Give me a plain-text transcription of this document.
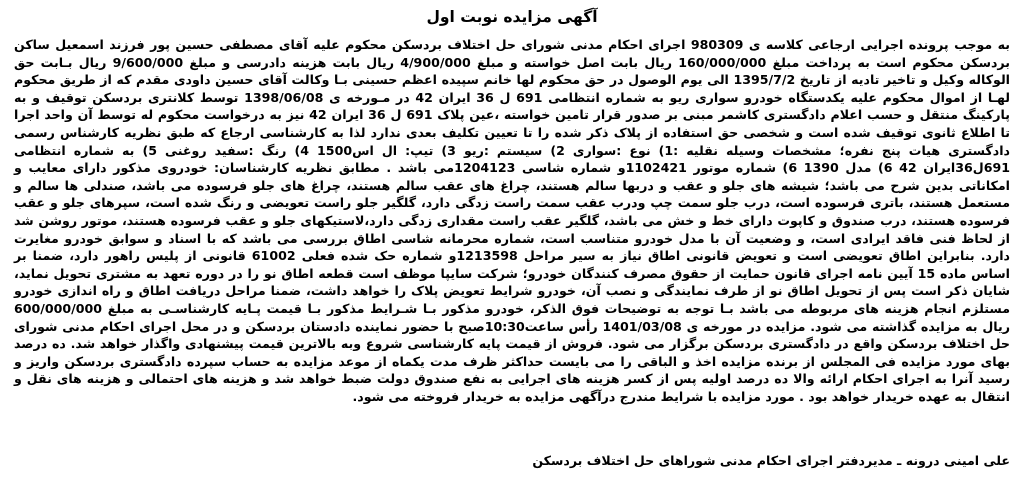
آگهی مزایده نوبت اول

به موجب پرونده اجرایی ارجاعی کلاسه ی 980309 اجرای احکام مدنی شورای حل اختلاف بردسکن محکوم علیه آقای مصطفی حسین پور فرزند اسمعیل ساکن بردسکن محکوم است به پرداخت مبلغ 160/000/000 ریال بابت اصل خواسته و مبلغ 4/900/000 ریال بابت هزینه دادرسی و مبلغ 9/600/000 ریال بـابت حق الوکاله وکیل و تاخیر تادیه از تاریخ 1395/7/2 الی یوم الوصول در حق محکوم لها خانم سپیده اعظم حسینی بـا وکالت آقای حسین داودی مقدم که از طریق محکوم لهـا از اموال محکوم علیه یکدستگاه خودرو سواری ریو به شماره انتظامی 691 ل 36 ایران 42 در مـورخه ی 1398/06/08 توسط کلانتری بردسکن توقیف و به پارکینگ منتقل و حسب اعلام دادگستری کاشمر مبنی بر صدور قرار تامین خواسته ،عین پلاک 691 ل 36 ایران 42 نیز به درخواست محکوم له توسط آن واحد اجرا تا اطلاع ثانوی توقیف شده است و شخصی حق استفاده از پلاک ذکر شده را تا تعیین تکلیف بعدی ندارد لذا به کارشناسی ارجاع که طبق نظریه کارشناس رسمی دادگستری هیات پنج نفره؛ مشخصات وسیله نقلیه :1) نوع :سواری 2) سیستم :ریو 3) تیپ: ال اس1500 4) رنگ :سفید روغنی 5) به شماره انتظامی 691ل36ایران 42 6) مدل 1390 6) شماره موتور 1102421و شماره شاسی 1204123می باشد . مطابق نظریه کارشناسان: خودروی مذکور دارای معایب و امکاناتی بدین شرح می باشد؛ شیشه های جلو و عقب و دربها سالم هستند، چراغ های عقب سالم هستند، چراغ های جلو فرسوده می باشد، صندلی ها سالم و مستعمل هستند، باتری فرسوده است، درب جلو سمت چپ ودرب عقب سمت راست زدگی دارد، گلگیر جلو راست تعویضی و رنگ شده است، سپرهای جلو و عقب فرسوده هستند، درب صندوق و کاپوت دارای خط و خش می باشد، گلگیر عقب راست مقداری زدگی دارد،لاستیکهای جلو و عقب فرسوده هستند، موتور روشن شد از لحاظ فنی فاقد ایرادی است، و وضعیت آن با مدل خودرو متناسب است، شماره محرمانه شاسی اطاق بررسی می باشد که با اسناد و سوابق خودرو مغایرت دارد. بنابراین اطاق تعویضی است و تعویض قانونی اطاق نیاز به سیر مراحل 1213598و شماره حک شده فعلی 61002 قانونی از پلیس راهور دارد، ضمنا بر اساس ماده 15 آیین نامه اجرای قانون حمایت از حقوق مصرف کنندگان خودرو؛ شرکت سایپا موظف است قطعه اطاق نو را در دوره تعهد به مشتری تحویل نماید، شایان ذکر است پس از تحویل اطاق نو از طرف نمایندگی و نصب آن، خودرو شرایط تعویض پلاک را خواهد داشت، ضمنا مراحل دریافت اطاق و راه اندازی خودرو مستلزم انجام هزینه های مربوطه می باشد بـا توجه به توضیحات فوق الذکر، خودرو مذکور بـا شـرایط مذکور بـا قیمت پـایه کارشناسـی به مبلغ 600/000/000 ریال به مزایده گذاشته می شود. مزایده در مورخه ی 1401/03/08 رأس ساعت10:30صبح با حضور نماینده دادستان بردسکن و در محل اجرای احکام مدنی شورای حل اختلاف بردسکن واقع در دادگستری بردسکن برگزار می شود. فروش از قیمت پایه کارشناسی شروع وبه بالاترین قیمت پیشنهادی واگذار خواهد شد. ده درصد بهای مورد مزایده فی المجلس از برنده مزایده اخذ و الباقی را می بایست حداکثر ظرف مدت یکماه از موعد مزایده به حساب سپرده دادگستری بردسکن واریز و رسید آنرا به اجرای احکام ارائه والا ده درصد اولیه پس از کسر هزینه های اجرایی به نفع صندوق دولت ضبط خواهد شد و هزینه های احتمالی و هزینه های نقل و انتقال به عهده خریدار خواهد بود . مورد مزایده با شرایط مندرج درآگهی مزایده به خریدار فروخته می شود.

علی امینی درونه ـ مدیردفتر اجرای احکام مدنی شوراهای حل اختلاف بردسکن
